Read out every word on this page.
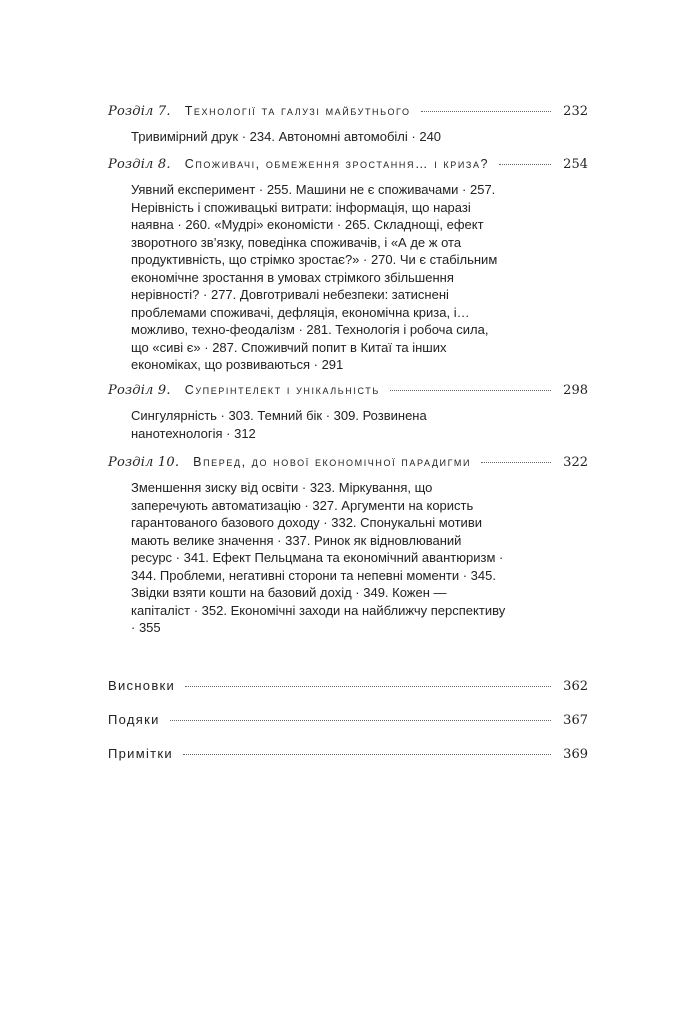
Розділ 7. Технології та галузі майбутнього	232
Тривимірний друк · 234. Автономні автомобілі · 240
Розділ 8. Споживачі, обмеження зростання… і криза?	254
Уявний експеримент · 255. Машини не є споживачами · 257. Нерівність і споживацькі витрати: інформація, що наразі наявна · 260. «Мудрі» економісти · 265. Складнощі, ефект зворотного зв’язку, поведінка споживачів, і «А де ж ота продуктивність, що стрімко зростає?» · 270. Чи є стабільним економічне зростання в умовах стрімкого збільшення нерівності? · 277. Довготривалі небезпеки: затиснені проблемами споживачі, дефляція, економічна криза, і… можливо, техно-феодалізм · 281. Технологія і робоча сила, що «сиві є» · 287. Споживчий попит в Китаї та інших економіках, що розвиваються · 291
Розділ 9. Суперінтелект і унікальність	298
Сингулярність · 303. Темний бік · 309. Розвинена нанотехнологія · 312
Розділ 10. Вперед, до нової економічної парадигми	322
Зменшення зиску від освіти · 323. Міркування, що заперечують автоматизацію · 327. Аргументи на користь гарантованого базового доходу · 332. Спонукальні мотиви мають велике значення · 337. Ринок як відновлюваний ресурс · 341. Ефект Пельцмана та економічний авантюризм · 344. Проблеми, негативні сторони та непевні моменти · 345. Звідки взяти кошти на базовий дохід · 349. Кожен — капіталіст · 352. Економічні заходи на найближчу перспективу · 355
Висновки	362
Подяки	367
Примітки	369
